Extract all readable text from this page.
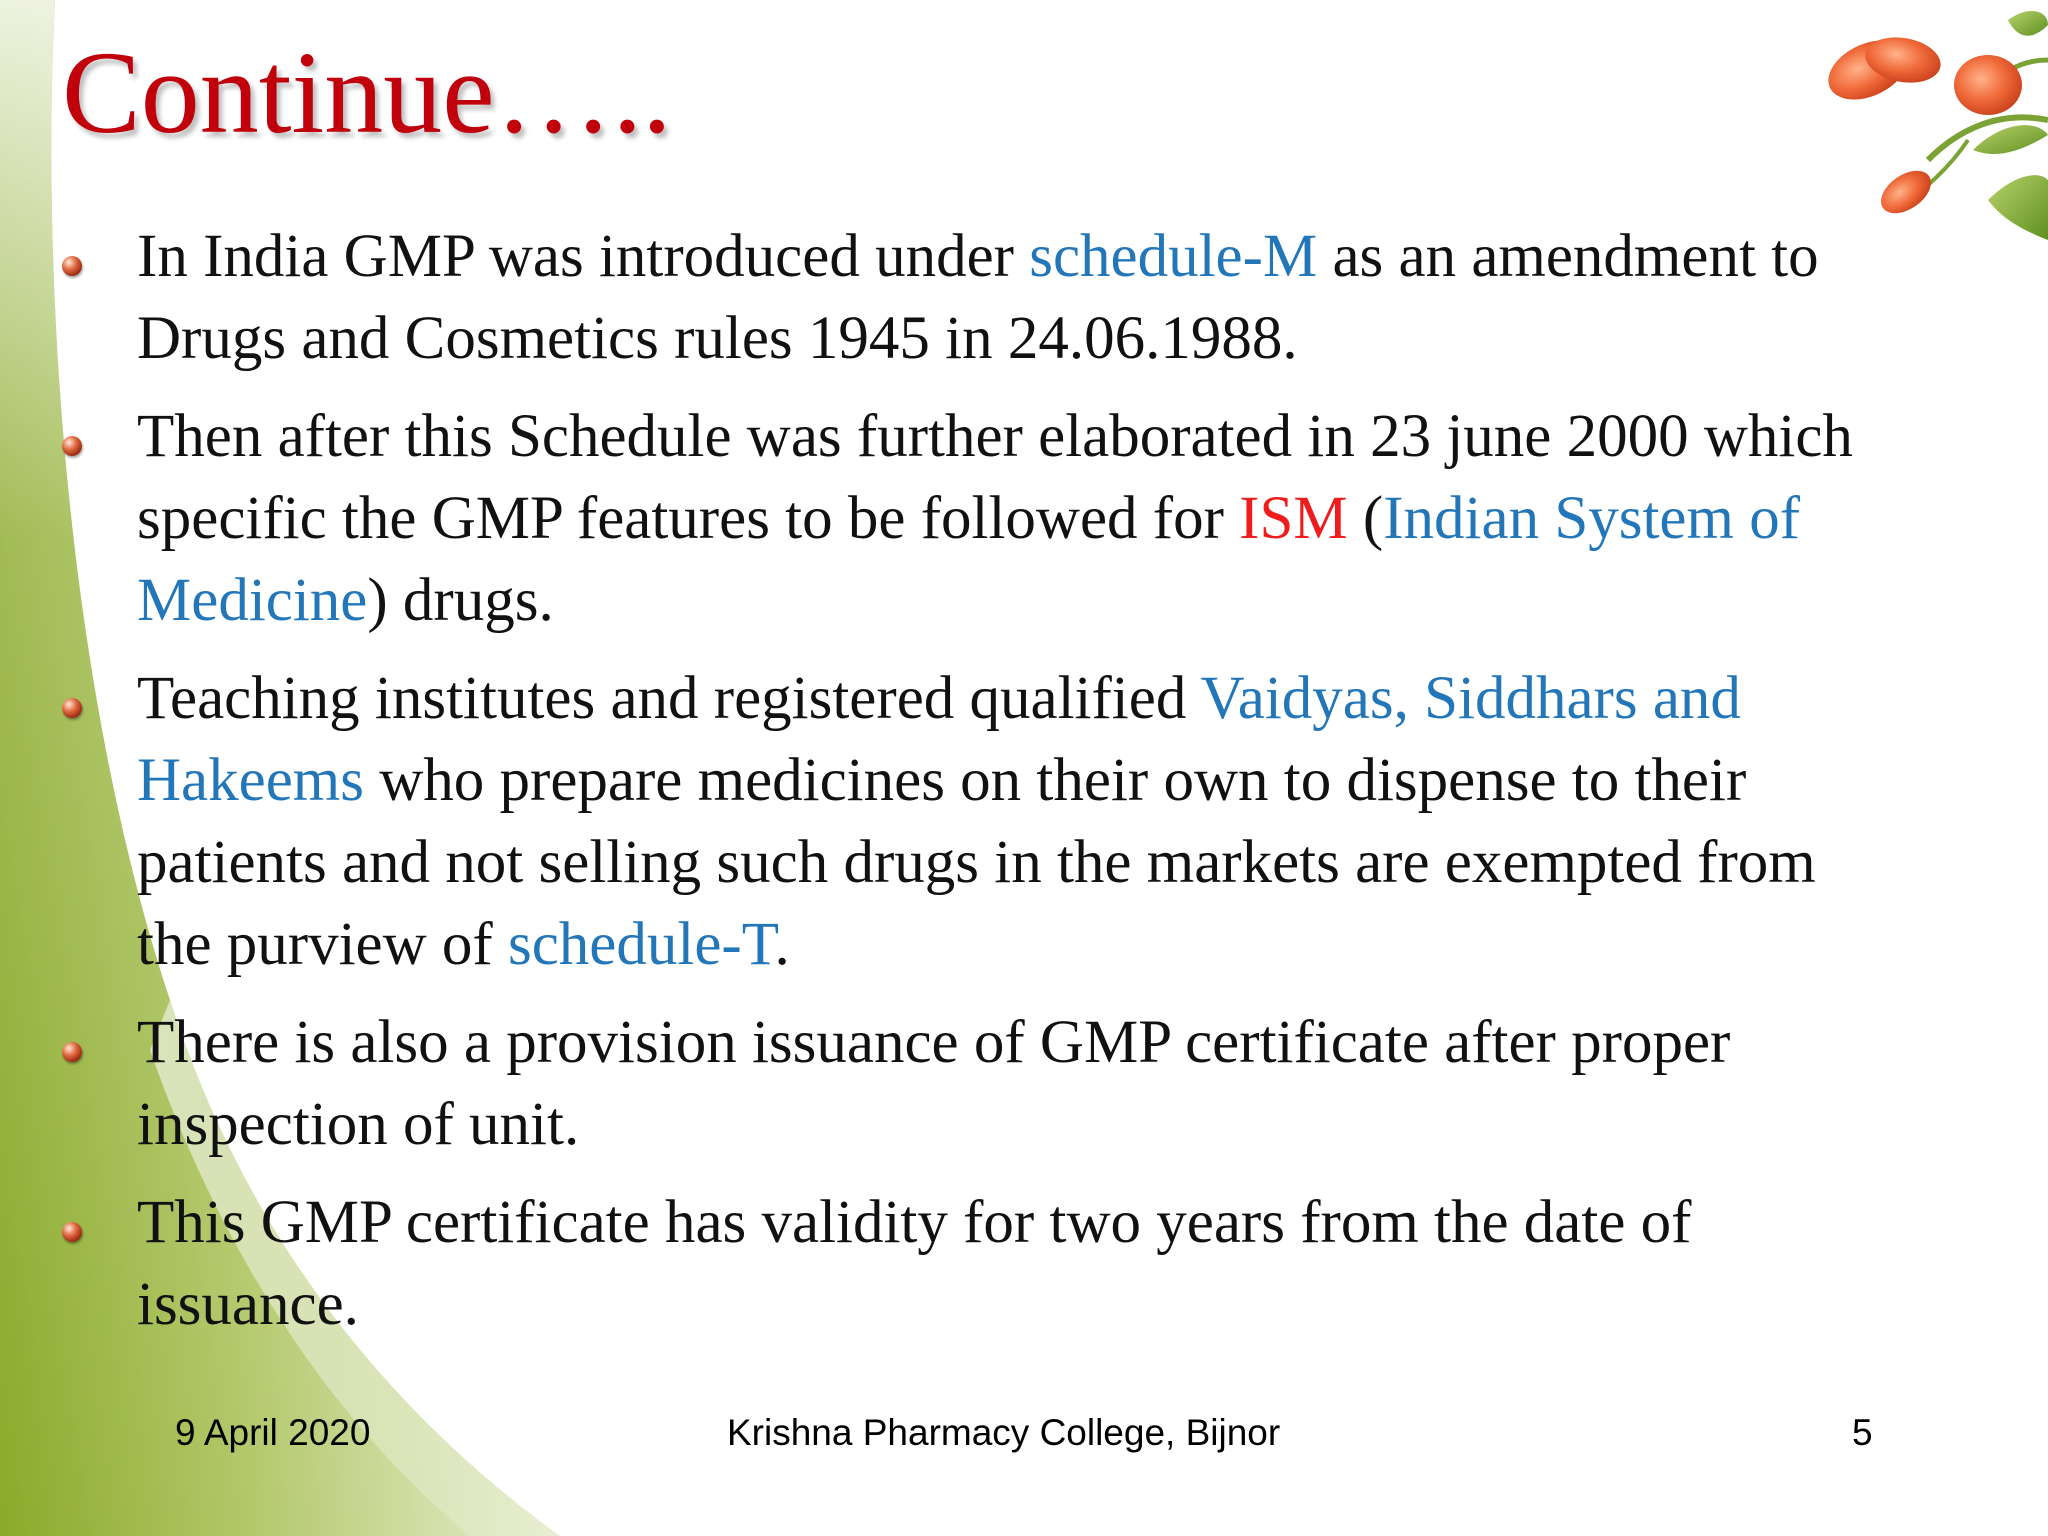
Continue…..

In India GMP was introduced under schedule-M as an amendment to Drugs and Cosmetics rules 1945 in 24.06.1988.

Then after this Schedule was further elaborated in 23 june 2000 which specific the GMP features to be followed for ISM (Indian System of Medicine) drugs.

Teaching institutes and registered qualified Vaidyas, Siddhars and Hakeems who prepare medicines on their own to dispense to their patients and not selling such drugs in the markets are exempted from the purview of schedule-T.

There is also a provision issuance of GMP certificate after proper inspection of unit.

This GMP certificate has validity for two years from the date of issuance.

9 April 2020	Krishna Pharmacy College, Bijnor	5
